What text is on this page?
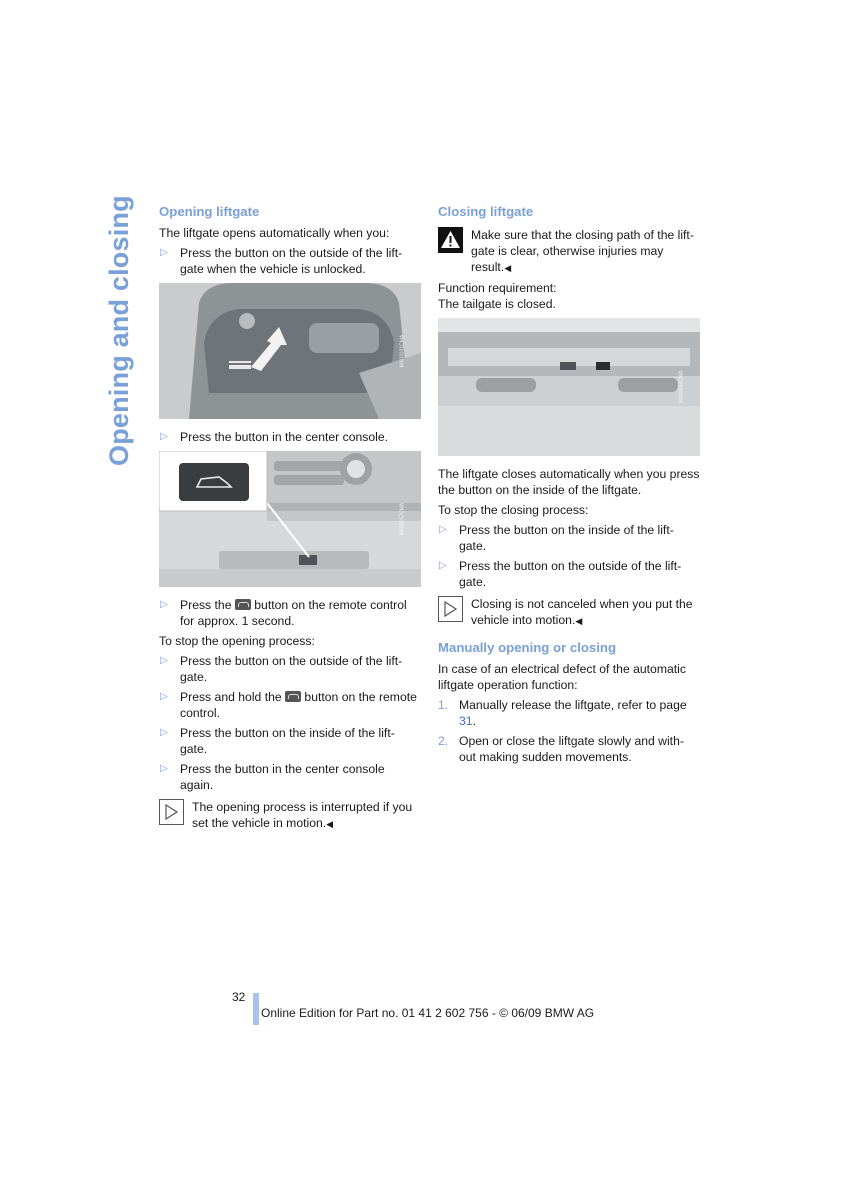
Opening and closing Opening liftgate

The liftgate opens automatically when you:

▷ Press the button on the outside of the lift-gate when the vehicle is unlocked.
MX03031CMA
▷ Press the button in the center console.
MX03057CMA
▷ Press the button on the remote control for approx. 1 second.

To stop the opening process:

▷ Press the button on the outside of the lift-gate.
▷ Press and hold the button on the remote control.
▷ Press the button on the inside of the lift-gate.
▷ Press the button in the center console again.
The opening process is interrupted if you set the vehicle in motion.◀
Closing liftgate
Make sure that the closing path of the lift-gate is clear, otherwise injuries may result.◀

Function requirement:

The tailgate is closed.

MX03058CMA

The liftgate closes automatically when you press the button on the inside of the liftgate.

To stop the closing process:

▷ Press the button on the inside of the lift-gate.
▷ Press the button on the outside of the lift-gate.
Closing is not canceled when you put the vehicle into motion.◀
Manually opening or closing

In case of an electrical defect of the automatic liftgate operation function:

1. Manually release the liftgate, refer to page 31.
2. Open or close the liftgate slowly and with-out making sudden movements.
32
Online Edition for Part no. 01 41 2 602 756 - © 06/09 BMW AG
